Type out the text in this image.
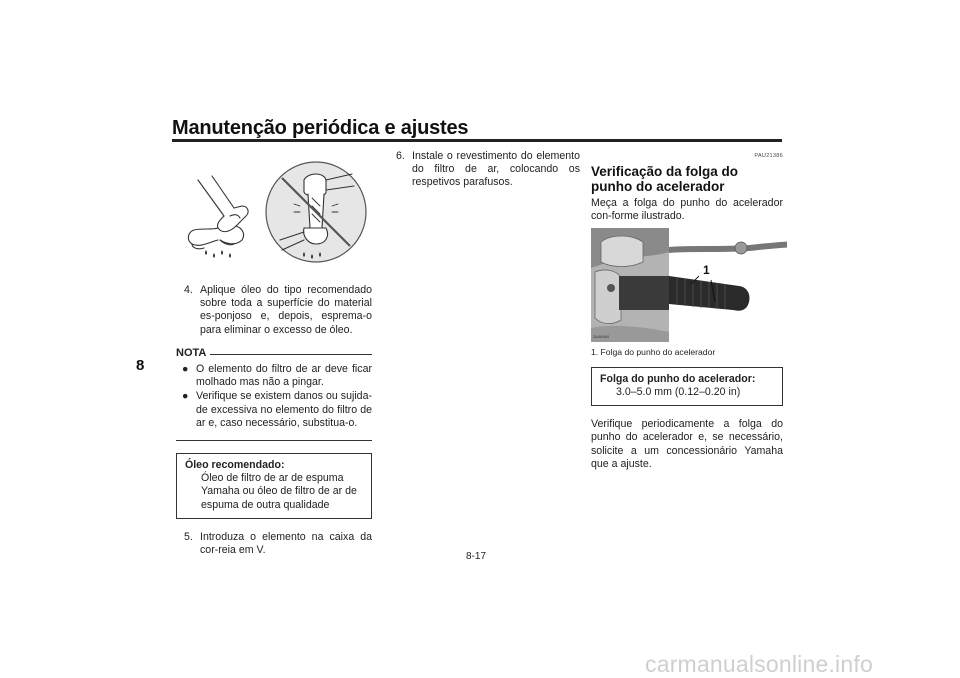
Manutenção periódica e ajustes
8
4. Aplique óleo do tipo recomendado sobre toda a superfície do material es-ponjoso e, depois, esprema-o para eliminar o excesso de óleo.
NOTA
● O elemento do filtro de ar deve ficar molhado mas não a pingar.
● Verifique se existem danos ou sujida-de excessiva no elemento do filtro de ar e, caso necessário, substitua-o.
Óleo recomendado:
Óleo de filtro de ar de espuma Yamaha ou óleo de filtro de ar de espuma de outra qualidade
5. Introduza o elemento na caixa da cor-reia em V.
6. Instale o revestimento do elemento do filtro de ar, colocando os respetivos parafusos.
PAU21386
Verificação da folga do punho do acelerador
Meça a folga do punho do acelerador con-forme ilustrado.
ZAUM1664
1
1. Folga do punho do acelerador
Folga do punho do acelerador:
3.0–5.0 mm (0.12–0.20 in)
Verifique periodicamente a folga do punho do acelerador e, se necessário, solicite a um concessionário Yamaha que a ajuste.
8-17
carmanualsonline.info
